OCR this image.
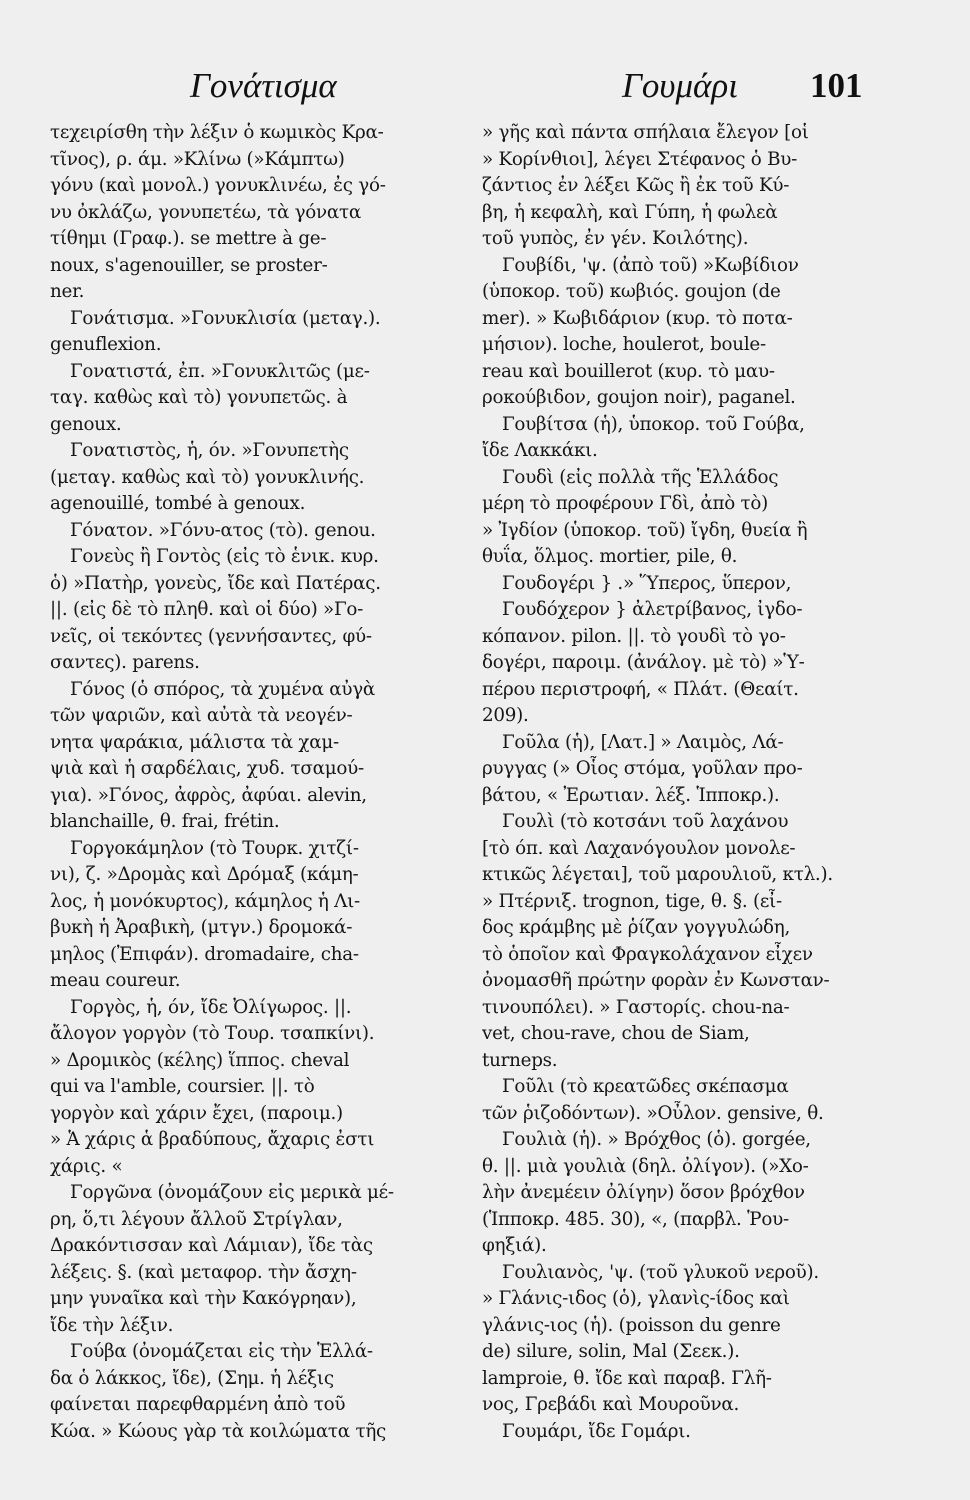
Γονάτισμα	Γουμάρι 101
τεχειρίσθη τὴν λέξιν ὁ κωμικὸς Κρα-
τῖνος), ρ. άμ. »Κλίνω (»Κάμπτω)
γόνυ (καὶ μονολ.) γονυκλινέω, ἐς γό-
νυ ὀκλάζω, γονυπετέω, τὰ γόνατα
τίθημι (Γραφ.). se mettre à ge-
noux, s'agenouiller, se proster-
ner.
Γονάτισμα. »Γονυκλισία (μεταγ.).
genuflexion.
Γονατιστά, ἐπ. »Γονυκλιτῶς (με-
ταγ. καθὼς καὶ τὸ) γονυπετῶς. à
genoux.
Γονατιστὸς, ἡ, όν. »Γονυπετὴς
(μεταγ. καθὼς καὶ τὸ) γονυκλινής.
agenouillé, tombé à genoux.
Γόνατον. »Γόνυ-ατος (τὸ). genou.
Γονεὺς ἢ Γοντὸς (εἰς τὸ ἑνικ. κυρ.
ὁ) »Πατὴρ, γονεὺς, ἴδε καὶ Πατέρας.
||. (εἰς δὲ τὸ πληθ. καὶ οἱ δύο) »Γο-
νεῖς, οἱ τεκόντες (γεννήσαντες, φύ-
σαντες). parens.
Γόνος (ὁ σπόρος, τὰ χυμένα αὐγὰ
τῶν ψαριῶν, καὶ αὐτὰ τὰ νεογέν-
νητα ψαράκια, μάλιστα τὰ χαμ-
ψιὰ καὶ ἡ σαρδέλαις, χυδ. τσαμού-
για). »Γόνος, ἀφρὸς, ἀφύαι. alevin,
blanchaille, θ. frai, frétin.
Γοργοκάμηλον (τὸ Τουρκ. χιτζί-
νι), ζ. »Δρομὰς καὶ Δρόμαξ (κάμη-
λος, ἡ μονόκυρτος), κάμηλος ἡ Λι-
βυκὴ ἡ Ἀραβικὴ, (μτγν.) δρομοκά-
μηλος (Ἐπιφάν). dromadaire, cha-
meau coureur.
Γοργὸς, ἡ, όν, ἴδε Ὀλίγωρος. ||.
ἄλογον γοργὸν (τὸ Τουρ. τσαπκίνι).
» Δρομικὸς (κέλης) ἵππος. cheval
qui va l'amble, coursier. ||. τὸ
γοργὸν καὶ χάριν ἔχει, (παροιμ.)
» Ἁ χάρις ἁ βραδύπους, ἄχαρις ἐστι
χάρις. «
Γοργῶνα (ὀνομάζουν εἰς μερικὰ μέ-
ρη, ὅ,τι λέγουν ἄλλοῦ Στρίγλαν,
Δρακόντισσαν καὶ Λάμιαν), ἴδε τὰς
λέξεις. §. (καὶ μεταφορ. τὴν ἄσχη-
μην γυναῖκα καὶ τὴν Κακόγρηαν),
ἴδε τὴν λέξιν.
Γούβα (ὀνομάζεται εἰς τὴν Ἑλλά-
δα ὁ λάκκος, ἴδε), (Σημ. ἡ λέξις
φαίνεται παρεφθαρμένη ἀπὸ τοῦ
Κώα. » Κώους γὰρ τὰ κοιλώματα τῆς
» γῆς καὶ πάντα σπήλαια ἔλεγον [οἱ
» Κορίνθιοι], λέγει Στέφανος ὁ Βυ-
ζάντιος ἐν λέξει Κῶς ἢ ἐκ τοῦ Κύ-
βη, ἡ κεφαλὴ, καὶ Γύπη, ἡ φωλεὰ
τοῦ γυπὸς, ἐν γέν. Κοιλότης).
Γουβίδι, 'ψ. (ἀπὸ τοῦ) »Κωβίδιον
(ὑποκορ. τοῦ) κωβιός. goujon (de
mer). » Κωβιδάριον (κυρ. τὸ ποτα-
μήσιον). loche, houlerot, boule-
reau καὶ bouillerot (κυρ. τὸ μαυ-
ροκούβιδον, goujon noir), paganel.
Γουβίτσα (ἡ), ὑποκορ. τοῦ Γούβα,
ἴδε Λακκάκι.
Γουδὶ (εἰς πολλὰ τῆς Ἑλλάδος
μέρη τὸ προφέρουν Γδὶ, ἀπὸ τὸ)
» Ἰγδίον (ὑποκορ. τοῦ) ἴγδη, θυεία ἢ
θυΐα, ὅλμος. mortier, pile, θ.
Γουδογέρι } .» Ὕπερος, ὕπερον,
Γουδόχερον } ἀλετρίβανος, ἰγδο-
κόπανον. pilon. ||. τὸ γουδὶ τὸ γο-
δογέρι, παροιμ. (ἀνάλογ. μὲ τὸ) »Ὑ-
πέρου περιστροφή, « Πλάτ. (Θεαίτ.
209).
Γοῦλα (ἡ), [Λατ.] » Λαιμὸς, Λά-
ρυγγας (» Οἷος στόμα, γοῦλαν προ-
βάτου, « Ἐρωτιαν. λέξ. Ἱπποκρ.).
Γουλὶ (τὸ κοτσάνι τοῦ λαχάνου
[τὸ όπ. καὶ Λαχανόγουλον μονολε-
κτικῶς λέγεται], τοῦ μαρουλιοῦ, κτλ.).
» Πτέρνιξ. trognon, tige, θ. §. (εἶ-
δος κράμβης μὲ ῥίζαν γογγυλώδη,
τὸ ὁποῖον καὶ Φραγκολάχανον εἶχεν
ὀνομασθῆ πρώτην φορὰν ἐν Κωνσταν-
τινουπόλει). » Γαστορίς. chou-na-
vet, chou-rave, chou de Siam,
turneps.
Γοῦλι (τὸ κρεατῶδες σκέπασμα
τῶν ῥιζοδόντων). »Οὖλον. gensive, θ.
Γουλιὰ (ἡ). » Βρόχθος (ὁ). gorgée,
θ. ||. μιὰ γουλιὰ (δηλ. ὀλίγον). (»Χο-
λὴν ἀνεμέειν ὀλίγην) ὅσον βρόχθον
(Ἱπποκρ. 485. 30), «, (παρβλ. Ῥου-
φηξιά).
Γουλιανὸς, 'ψ. (τοῦ γλυκοῦ νεροῦ).
» Γλάνις-ιδος (ὁ), γλανὶς-ίδος καὶ
γλάνις-ιος (ἡ). (poisson du genre
de) silure, solin, Mal (Σεεκ.).
lamproie, θ. ἴδε καὶ παραβ. Γλῆ-
νος, Γρεβάδι καὶ Μουροῦνα.
Γουμάρι, ἴδε Γομάρι.
